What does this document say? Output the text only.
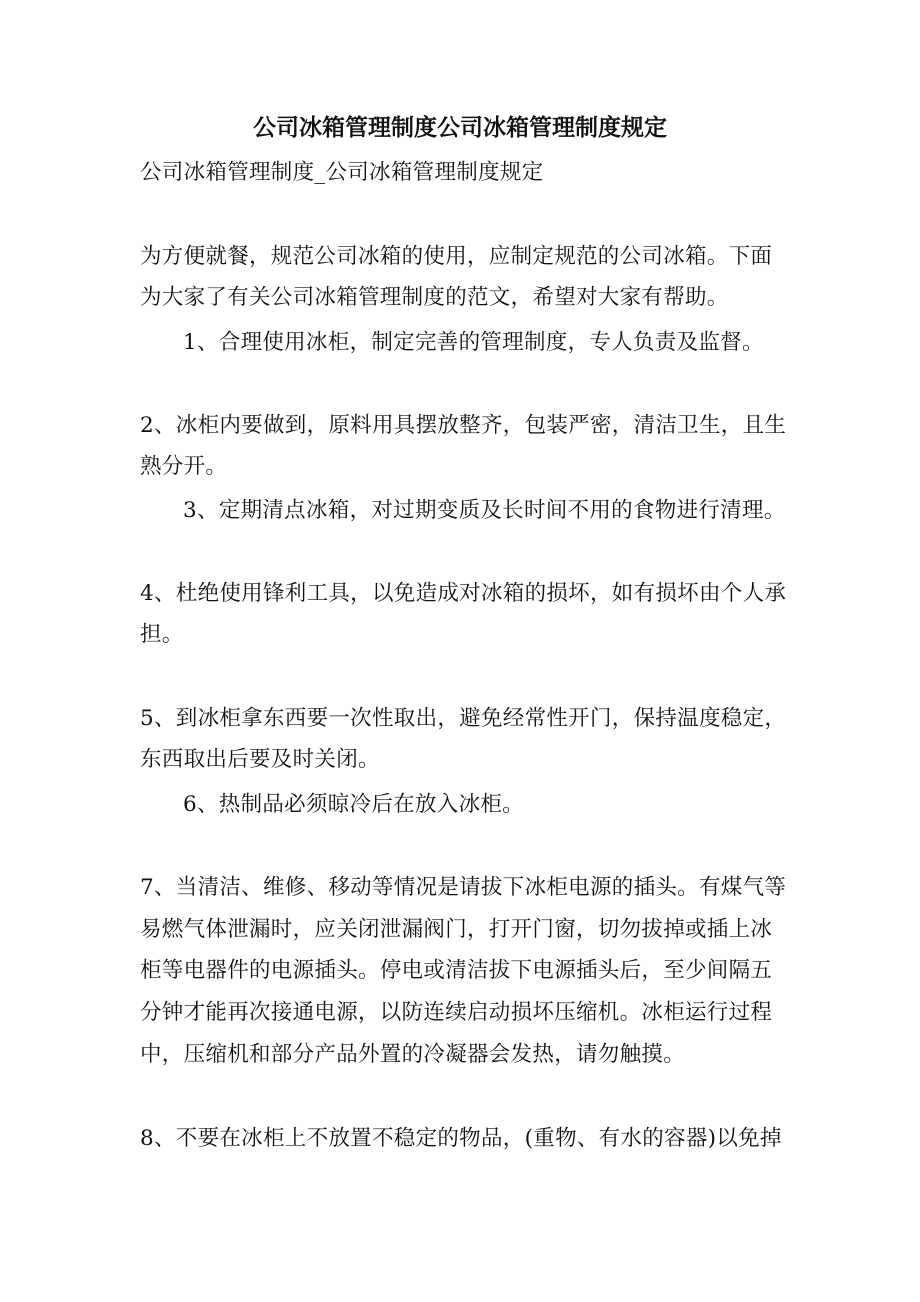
公司冰箱管理制度公司冰箱管理制度规定
公司冰箱管理制度_公司冰箱管理制度规定
为方便就餐，规范公司冰箱的使用，应制定规范的公司冰箱。下面
为大家了有关公司冰箱管理制度的范文，希望对大家有帮助。
1、合理使用冰柜，制定完善的管理制度，专人负责及监督。
2、冰柜内要做到，原料用具摆放整齐，包装严密，清洁卫生，且生
熟分开。
3、定期清点冰箱，对过期变质及长时间不用的食物进行清理。
4、杜绝使用锋利工具，以免造成对冰箱的损坏，如有损坏由个人承
担。
5、到冰柜拿东西要一次性取出，避免经常性开门，保持温度稳定，
东西取出后要及时关闭。
6、热制品必须晾冷后在放入冰柜。
7、当清洁、维修、移动等情况是请拔下冰柜电源的插头。有煤气等
易燃气体泄漏时，应关闭泄漏阀门，打开门窗，切勿拔掉或插上冰
柜等电器件的电源插头。停电或清洁拔下电源插头后，至少间隔五
分钟才能再次接通电源，以防连续启动损坏压缩机。冰柜运行过程
中，压缩机和部分产品外置的冷凝器会发热，请勿触摸。
8、不要在冰柜上不放置不稳定的物品，(重物、有水的容器)以免掉
